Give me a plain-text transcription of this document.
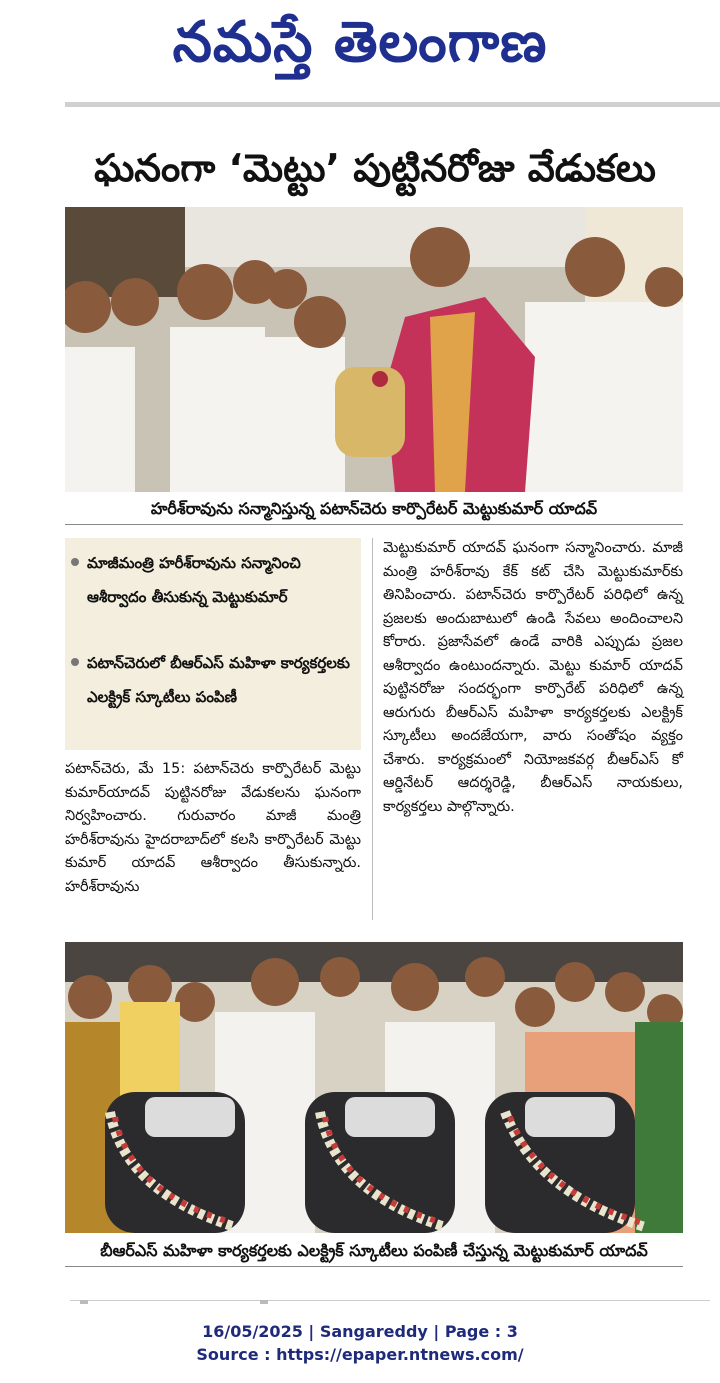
నమస్తే తెలంగాణ
ఘనంగా ‘మెట్టు’ పుట్టినరోజు వేడుకలు
హరీశ్‌రావును సన్మానిస్తున్న పటాన్‌చెరు కార్పొరేటర్ మెట్టుకుమార్ యాదవ్
మాజీమంత్రి హరీశ్‌రావును సన్మానించి ఆశీర్వాదం తీసుకున్న మెట్టుకుమార్
పటాన్‌చెరులో బీఆర్‌ఎస్ మహిళా కార్యకర్తలకు ఎలక్ట్రిక్ స్కూటీలు పంపిణీ
పటాన్‌చెరు, మే 15: పటాన్‌చెరు కార్పొరేటర్ మెట్టు కుమార్‌యాదవ్ పుట్టినరోజు వేడుకలను ఘనంగా నిర్వహించారు. గురువారం మాజీ మంత్రి హరీశ్‌రావును హైదరాబాద్‌లో కలసి కార్పొరేటర్ మెట్టు కుమార్ యాదవ్ ఆశీర్వాదం తీసుకున్నారు. హరీశ్‌రావును
మెట్టుకుమార్ యాదవ్ ఘనంగా సన్మానించారు. మాజీ మంత్రి హరీశ్‌రావు కేక్ కట్ చేసి మెట్టుకుమార్‌కు తినిపించారు. పటాన్‌చెరు కార్పొరేటర్ పరిధిలో ఉన్న ప్రజలకు అందుబాటులో ఉండి సేవలు అందించాలని కోరారు. ప్రజాసేవలో ఉండే వారికి ఎప్పుడు ప్రజల ఆశీర్వాదం ఉంటుందన్నారు. మెట్టు కుమార్ యాదవ్ పుట్టినరోజు సందర్భంగా కార్పొరేట్ పరిధిలో ఉన్న ఆరుగురు బీఆర్‌ఎస్ మహిళా కార్యకర్తలకు ఎలక్ట్రిక్ స్కూటీలు అందజేయగా, వారు సంతోషం వ్యక్తం చేశారు. కార్యక్రమంలో నియోజకవర్గ బీఆర్‌ఎస్ కో ఆర్డినేటర్ ఆదర్శరెడ్డి, బీఆర్‌ఎస్ నాయకులు, కార్యకర్తలు పాల్గొన్నారు.
బీఆర్‌ఎస్ మహిళా కార్యకర్తలకు ఎలక్ట్రిక్ స్కూటీలు పంపిణీ చేస్తున్న మెట్టుకుమార్ యాదవ్
16/05/2025 | Sangareddy | Page : 3
Source : https://epaper.ntnews.com/
